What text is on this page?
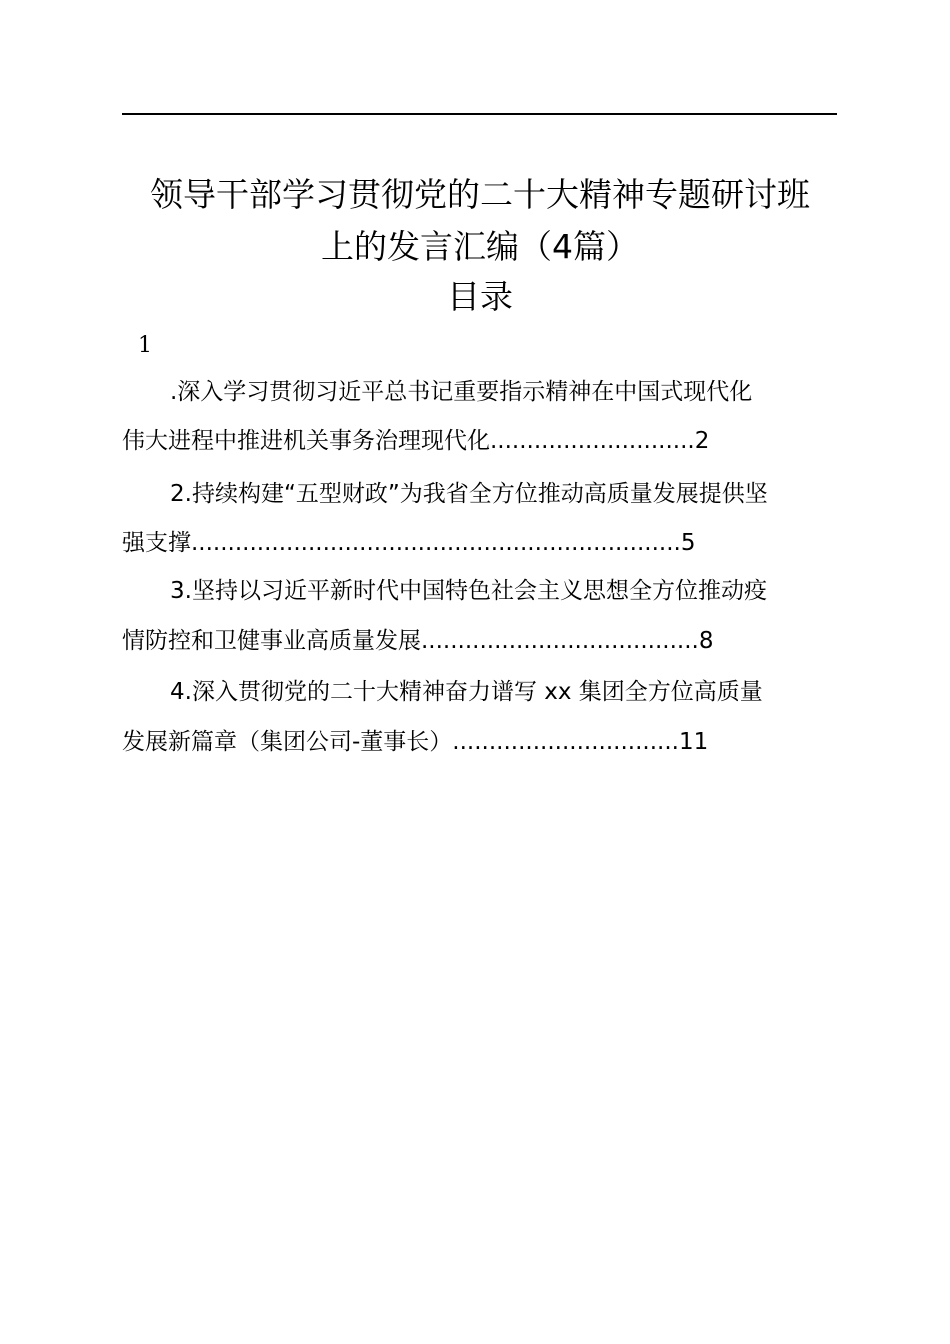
领导干部学习贯彻党的二十大精神专题研讨班
上的发言汇编（4篇）
目录
1
.深入学习贯彻习近平总书记重要指示精神在中国式现代化
伟大进程中推进机关事务治理现代化............................2
2.持续构建“五型财政”为我省全方位推动高质量发展提供坚
强支撑...................................................................5
3.坚持以习近平新时代中国特色社会主义思想全方位推动疫
情防控和卫健事业高质量发展......................................8
4.深入贯彻党的二十大精神奋力谱写 xx 集团全方位高质量
发展新篇章（集团公司-董事长）...............................11
